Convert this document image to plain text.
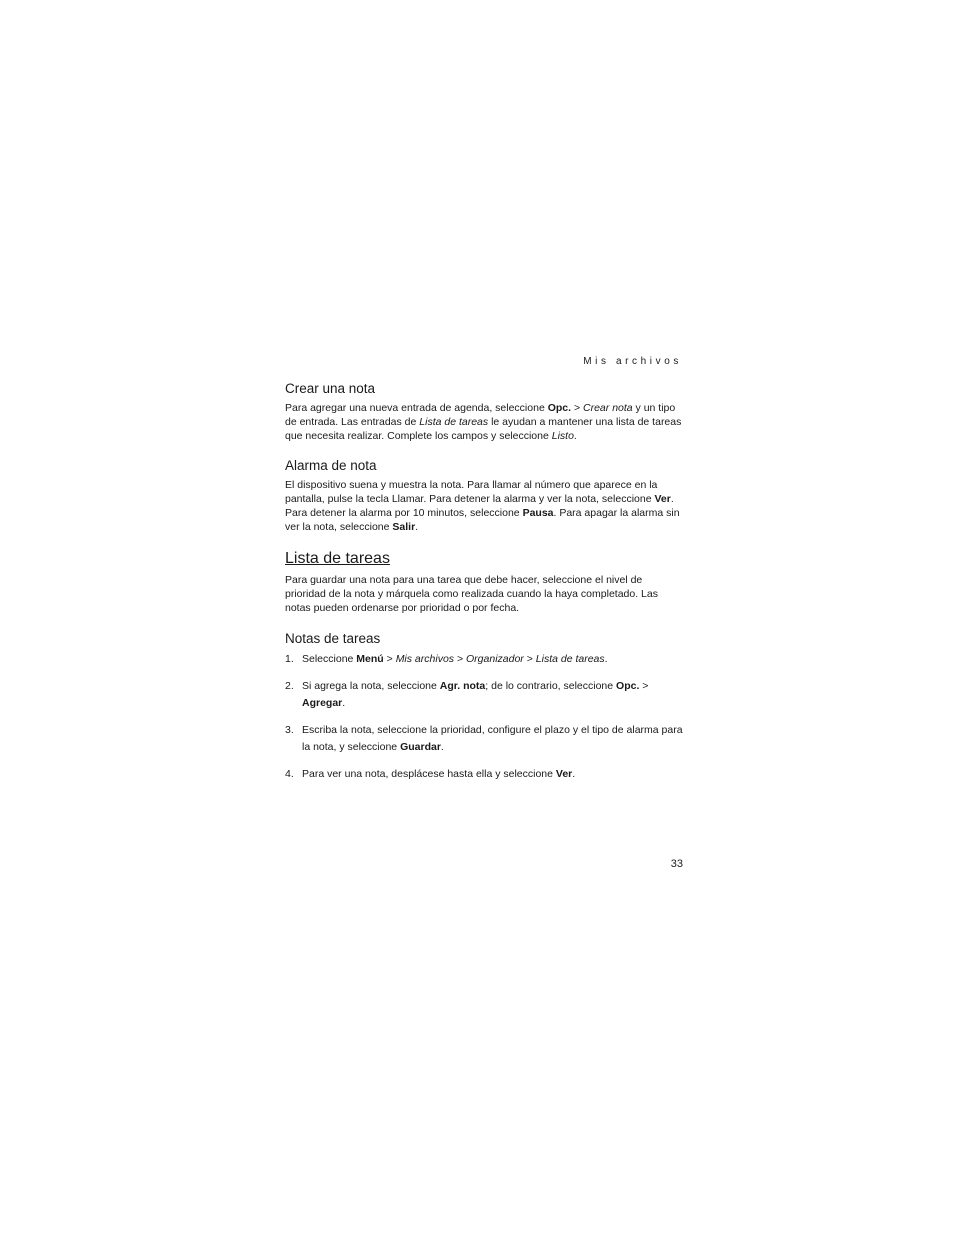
Mis archivos
Crear una nota

Para agregar una nueva entrada de agenda, seleccione Opc. > Crear nota y un tipo de entrada. Las entradas de Lista de tareas le ayudan a mantener una lista de tareas que necesita realizar. Complete los campos y seleccione Listo.

Alarma de nota

El dispositivo suena y muestra la nota. Para llamar al número que aparece en la pantalla, pulse la tecla Llamar. Para detener la alarma y ver la nota, seleccione Ver. Para detener la alarma por 10 minutos, seleccione Pausa. Para apagar la alarma sin ver la nota, seleccione Salir.

Lista de tareas

Para guardar una nota para una tarea que debe hacer, seleccione el nivel de prioridad de la nota y márquela como realizada cuando la haya completado. Las notas pueden ordenarse por prioridad o por fecha.

Notas de tareas
1. Seleccione Menú > Mis archivos > Organizador > Lista de tareas.
2. Si agrega la nota, seleccione Agr. nota; de lo contrario, seleccione Opc. > Agregar.
3. Escriba la nota, seleccione la prioridad, configure el plazo y el tipo de alarma para la nota, y seleccione Guardar.
4. Para ver una nota, desplácese hasta ella y seleccione Ver.
33
